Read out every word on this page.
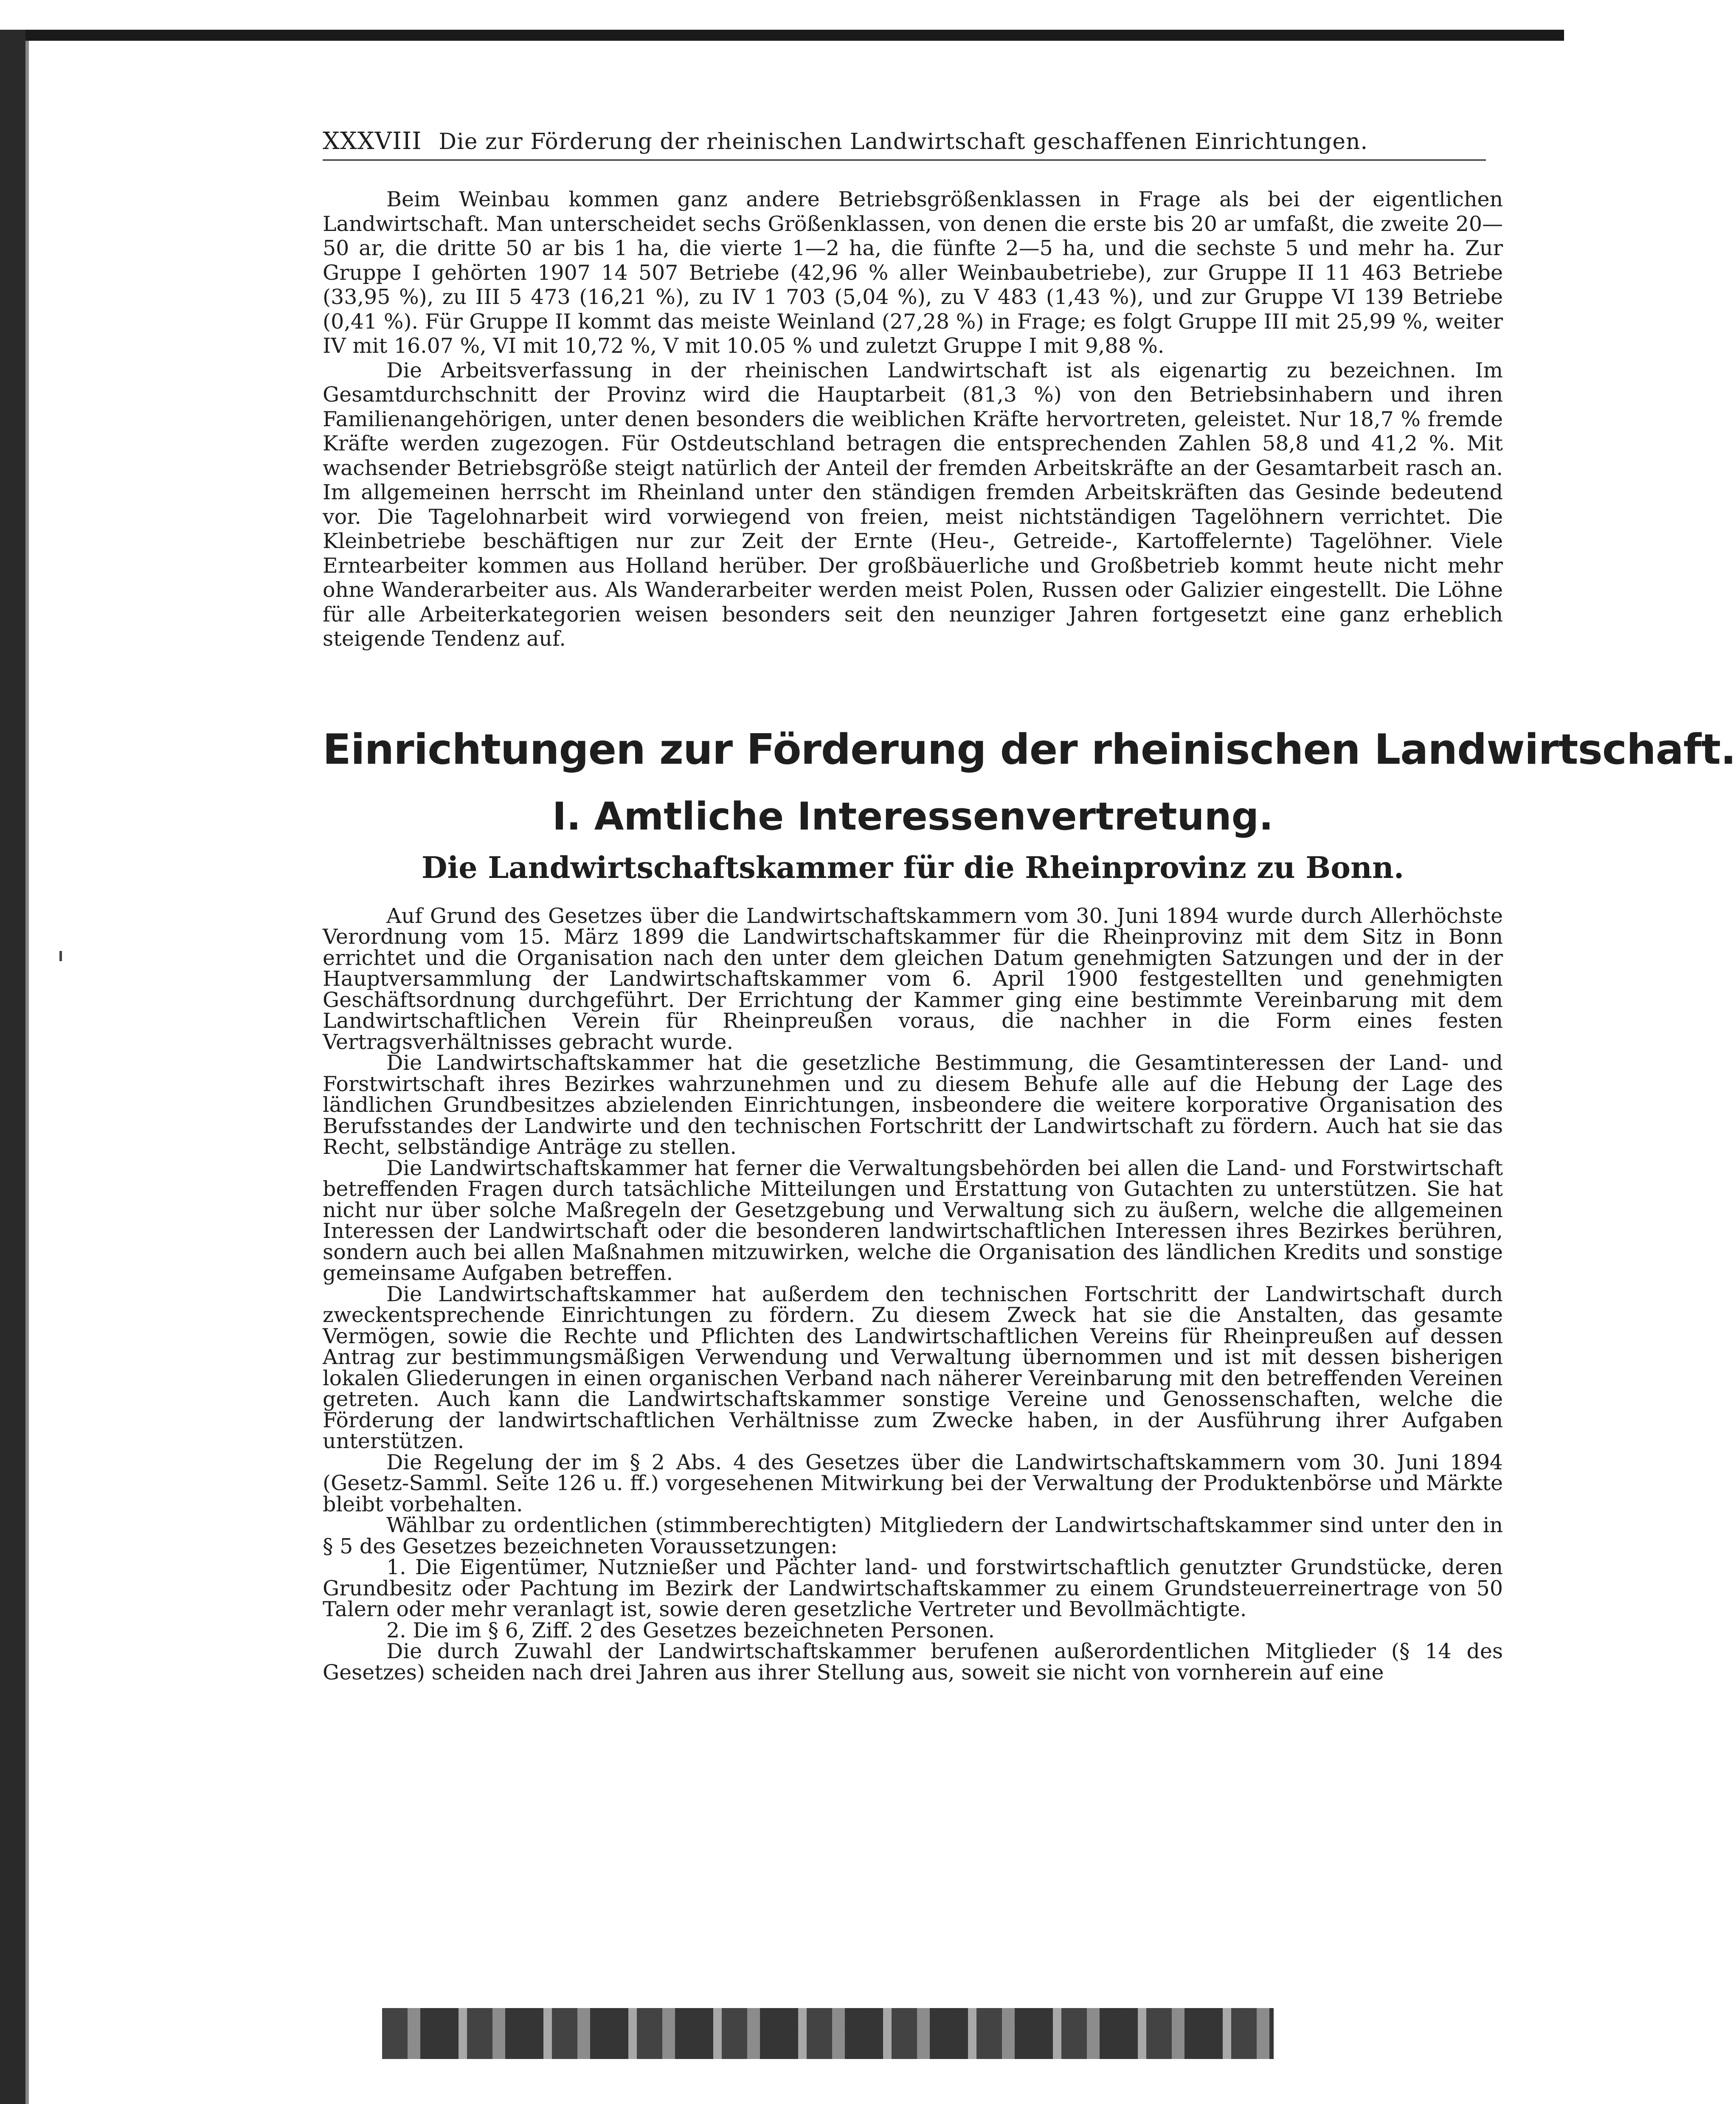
XXXVIII Die zur Förderung der rheinischen Landwirtschaft geschaffenen Einrichtungen.

Beim Weinbau kommen ganz andere Betriebsgrößenklassen in Frage als bei der eigentlichen Landwirtschaft. Man unterscheidet sechs Größenklassen, von denen die erste bis 20 ar umfaßt, die zweite 20—50 ar, die dritte 50 ar bis 1 ha, die vierte 1—2 ha, die fünfte 2—5 ha, und die sechste 5 und mehr ha. Zur Gruppe I gehörten 1907 14 507 Betriebe (42,96 % aller Weinbaubetriebe), zur Gruppe II 11 463 Betriebe (33,95 %), zu III 5 473 (16,21 %), zu IV 1 703 (5,04 %), zu V 483 (1,43 %), und zur Gruppe VI 139 Betriebe (0,41 %). Für Gruppe II kommt das meiste Weinland (27,28 %) in Frage; es folgt Gruppe III mit 25,99 %, weiter IV mit 16.07 %, VI mit 10,72 %, V mit 10.05 % und zuletzt Gruppe I mit 9,88 %.

Die Arbeitsverfassung in der rheinischen Landwirtschaft ist als eigenartig zu bezeichnen. Im Gesamtdurchschnitt der Provinz wird die Hauptarbeit (81,3 %) von den Betriebsinhabern und ihren Familienangehörigen, unter denen besonders die weiblichen Kräfte hervortreten, geleistet. Nur 18,7 % fremde Kräfte werden zugezogen. Für Ostdeutschland betragen die entsprechenden Zahlen 58,8 und 41,2 %. Mit wachsender Betriebsgröße steigt natürlich der Anteil der fremden Arbeitskräfte an der Gesamtarbeit rasch an. Im allgemeinen herrscht im Rheinland unter den ständigen fremden Arbeitskräften das Gesinde bedeutend vor. Die Tagelohnarbeit wird vorwiegend von freien, meist nichtständigen Tagelöhnern verrichtet. Die Kleinbetriebe beschäftigen nur zur Zeit der Ernte (Heu-, Getreide-, Kartoffelernte) Tagelöhner. Viele Erntearbeiter kommen aus Holland herüber. Der großbäuerliche und Großbetrieb kommt heute nicht mehr ohne Wanderarbeiter aus. Als Wanderarbeiter werden meist Polen, Russen oder Galizier eingestellt. Die Löhne für alle Arbeiterkategorien weisen besonders seit den neunziger Jahren fortgesetzt eine ganz erheblich steigende Tendenz auf.

Einrichtungen zur Förderung der rheinischen Landwirtschaft.
I. Amtliche Interessenvertretung.
Die Landwirtschaftskammer für die Rheinprovinz zu Bonn.

Auf Grund des Gesetzes über die Landwirtschaftskammern vom 30. Juni 1894 wurde durch Allerhöchste Verordnung vom 15. März 1899 die Landwirtschaftskammer für die Rheinprovinz mit dem Sitz in Bonn errichtet und die Organisation nach den unter dem gleichen Datum genehmigten Satzungen und der in der Hauptversammlung der Landwirtschaftskammer vom 6. April 1900 festgestellten und genehmigten Geschäftsordnung durchgeführt. Der Errichtung der Kammer ging eine bestimmte Vereinbarung mit dem Landwirtschaftlichen Verein für Rheinpreußen voraus, die nachher in die Form eines festen Vertragsverhältnisses gebracht wurde.

Die Landwirtschaftskammer hat die gesetzliche Bestimmung, die Gesamtinteressen der Land- und Forstwirtschaft ihres Bezirkes wahrzunehmen und zu diesem Behufe alle auf die Hebung der Lage des ländlichen Grundbesitzes abzielenden Einrichtungen, insbeondere die weitere korporative Organisation des Berufsstandes der Landwirte und den technischen Fortschritt der Landwirtschaft zu fördern. Auch hat sie das Recht, selbständige Anträge zu stellen.

Die Landwirtschaftskammer hat ferner die Verwaltungsbehörden bei allen die Land- und Forstwirtschaft betreffenden Fragen durch tatsächliche Mitteilungen und Erstattung von Gutachten zu unterstützen. Sie hat nicht nur über solche Maßregeln der Gesetzgebung und Verwaltung sich zu äußern, welche die allgemeinen Interessen der Landwirtschaft oder die besonderen landwirtschaftlichen Interessen ihres Bezirkes berühren, sondern auch bei allen Maßnahmen mitzuwirken, welche die Organisation des ländlichen Kredits und sonstige gemeinsame Aufgaben betreffen.

Die Landwirtschaftskammer hat außerdem den technischen Fortschritt der Landwirtschaft durch zweckentsprechende Einrichtungen zu fördern. Zu diesem Zweck hat sie die Anstalten, das gesamte Vermögen, sowie die Rechte und Pflichten des Landwirtschaftlichen Vereins für Rheinpreußen auf dessen Antrag zur bestimmungsmäßigen Verwendung und Verwaltung übernommen und ist mit dessen bisherigen lokalen Gliederungen in einen organischen Verband nach näherer Vereinbarung mit den betreffenden Vereinen getreten. Auch kann die Landwirtschaftskammer sonstige Vereine und Genossenschaften, welche die Förderung der landwirtschaftlichen Verhältnisse zum Zwecke haben, in der Ausführung ihrer Aufgaben unterstützen.

Die Regelung der im § 2 Abs. 4 des Gesetzes über die Landwirtschaftskammern vom 30. Juni 1894 (Gesetz-Samml. Seite 126 u. ff.) vorgesehenen Mitwirkung bei der Verwaltung der Produktenbörse und Märkte bleibt vorbehalten.

Wählbar zu ordentlichen (stimmberechtigten) Mitgliedern der Landwirtschaftskammer sind unter den in § 5 des Gesetzes bezeichneten Voraussetzungen:

1. Die Eigentümer, Nutznießer und Pächter land- und forstwirtschaftlich genutzter Grundstücke, deren Grundbesitz oder Pachtung im Bezirk der Landwirtschaftskammer zu einem Grundsteuerreinertrage von 50 Talern oder mehr veranlagt ist, sowie deren gesetzliche Vertreter und Bevollmächtigte.

2. Die im § 6, Ziff. 2 des Gesetzes bezeichneten Personen.

Die durch Zuwahl der Landwirtschaftskammer berufenen außerordentlichen Mitglieder (§ 14 des Gesetzes) scheiden nach drei Jahren aus ihrer Stellung aus, soweit sie nicht von vornherein auf eine
